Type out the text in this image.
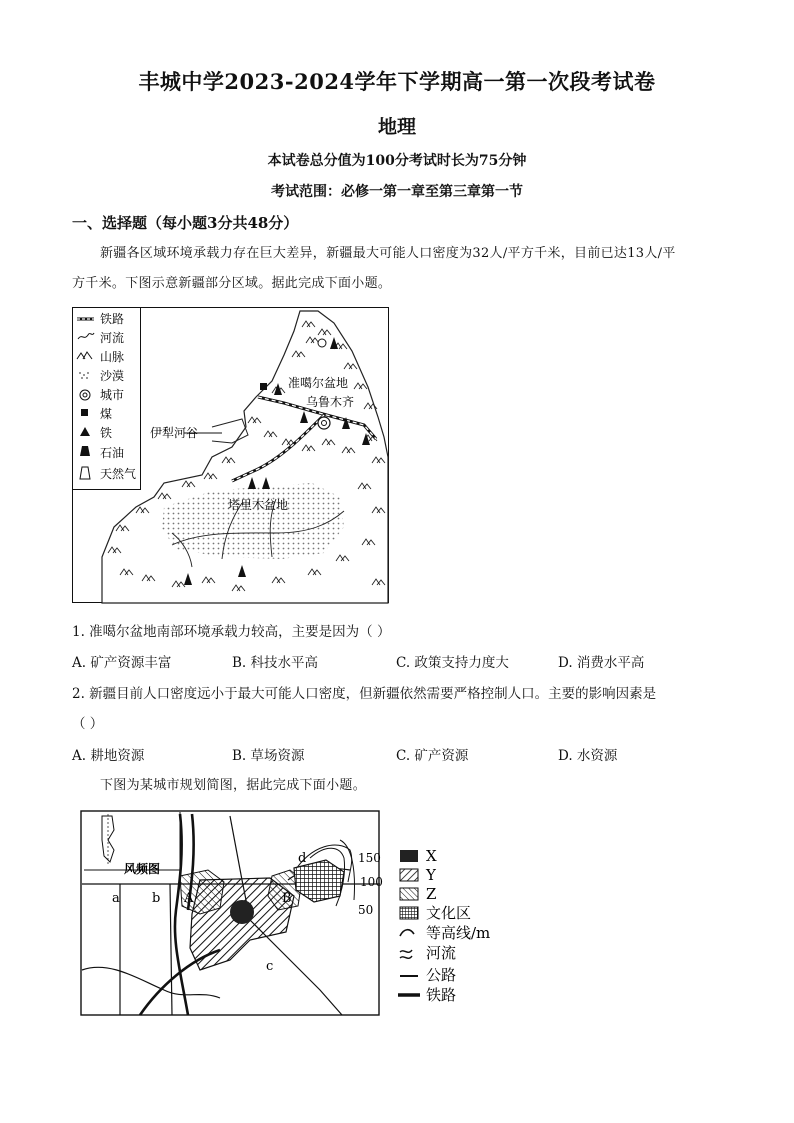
丰城中学2023-2024学年下学期高一第一次段考试卷
地理
本试卷总分值为100分考试时长为75分钟
考试范围：必修一第一章至第三章第一节
一、选择题（每小题3分共48分）
新疆各区域环境承载力存在巨大差异，新疆最大可能人口密度为32人/平方千米，目前已达13人/平
方千米。下图示意新疆部分区域。据此完成下面小题。
准噶尔盆地
乌鲁木齐
伊犁河谷
塔里木盆地
铁路
河流
山脉
沙漠
城市
煤
铁
石油
天然气
1. 准噶尔盆地南部环境承载力较高，主要是因为（ ）
A. 矿产资源丰富	B. 科技水平高	C. 政策支持力度大	D. 消费水平高
2. 新疆目前人口密度远小于最大可能人口密度，但新疆依然需要严格控制人口。主要的影响因素是
（ ）
A. 耕地资源	B. 草场资源	C. 矿产资源	D. 水资源
下图为某城市规划简图，据此完成下面小题。
风频图
a b
c
d
A	B
150
100
50
X
Y
Z
文化区
等高线/m
河流
公路
铁路
